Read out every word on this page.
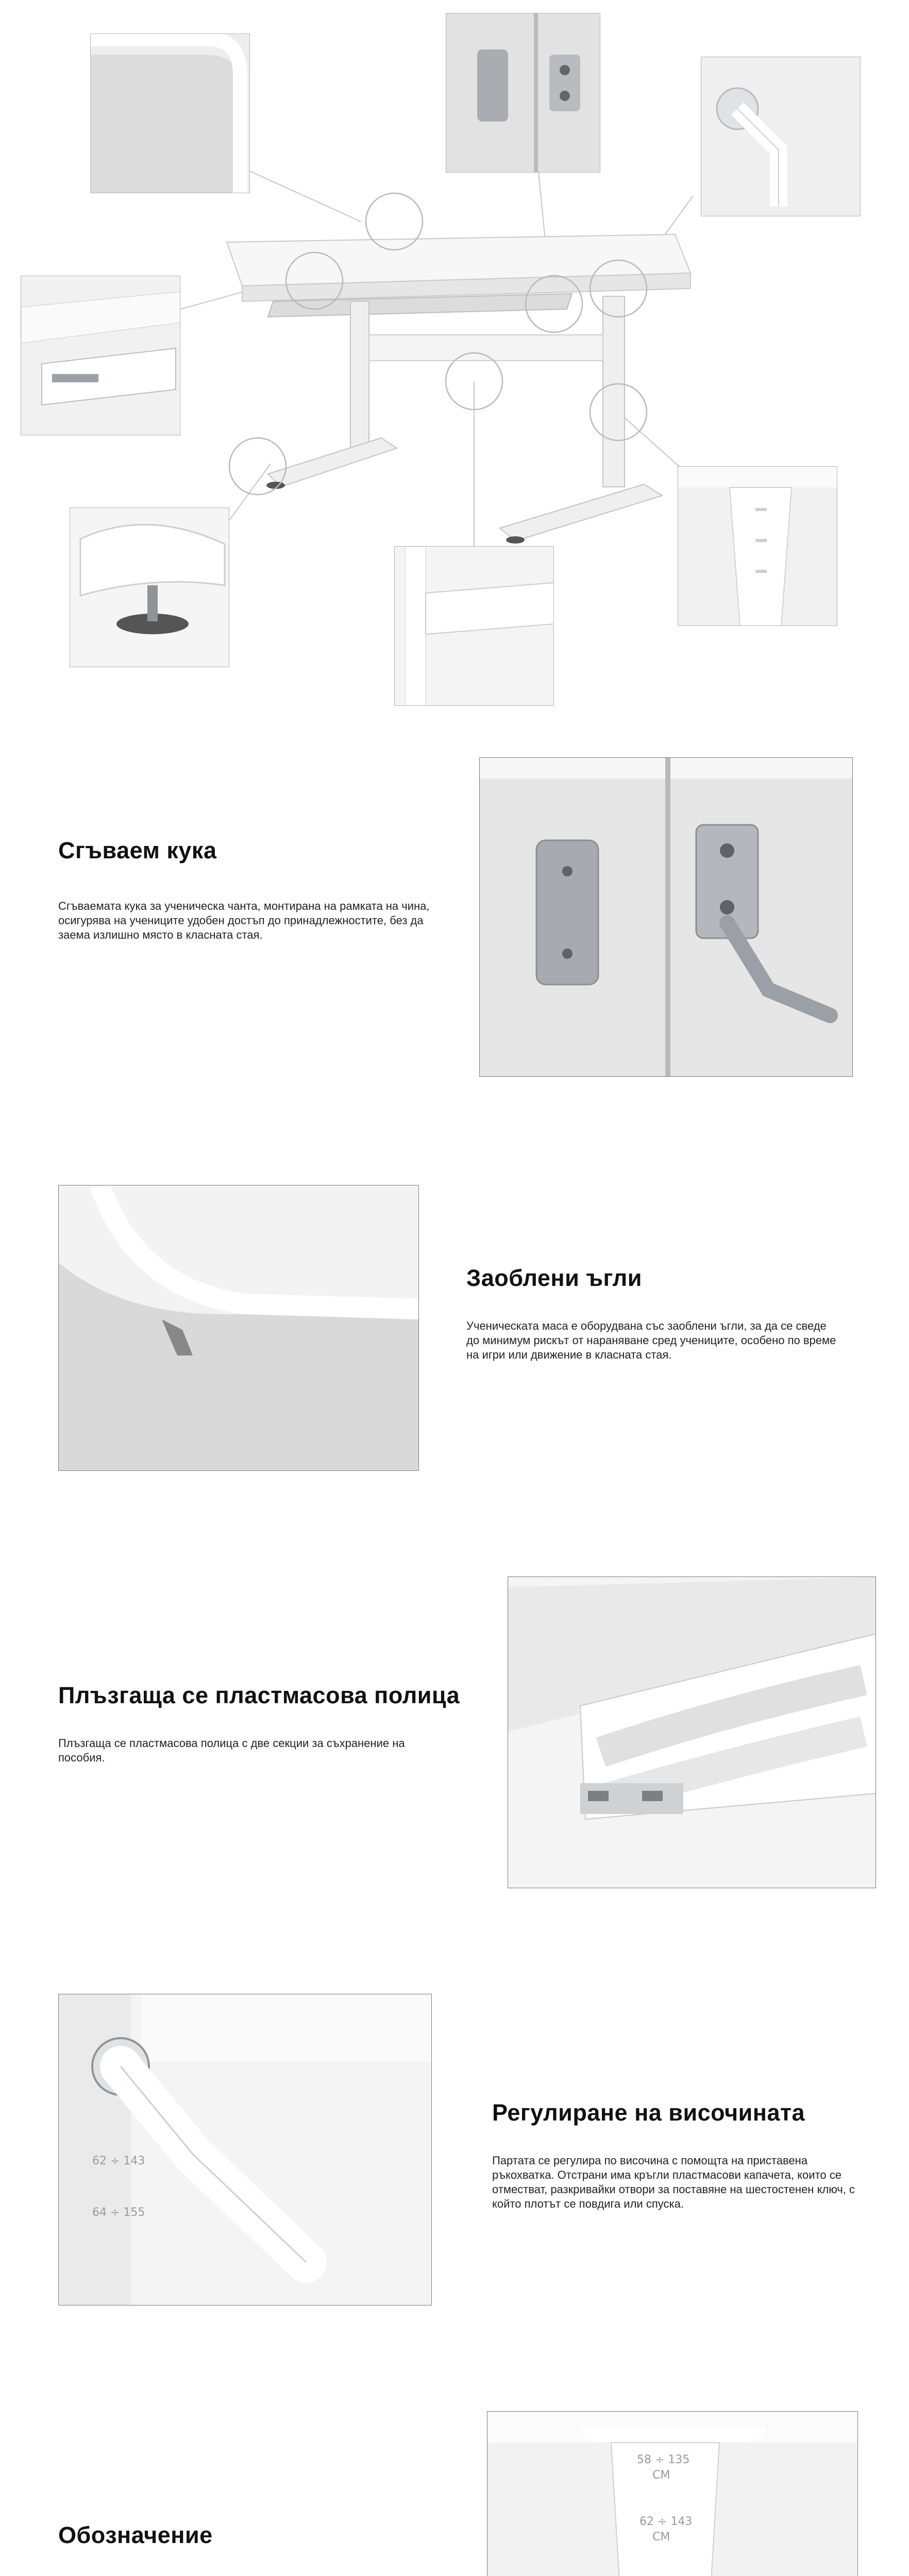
Сгъваем кука

Сгъваемата кука за ученическа чанта, монтирана на рамката на чина, осигурява на учениците удобен достъп до принадлежностите, без да заема излишно място в класната стая.

Заоблени ъгли

Ученическата маса е оборудвана със заоблени ъгли, за да се сведе до минимум рискът от нараняване сред учениците, особено по време на игри или движение в класната стая.

Плъзгаща се пластмасова полица

Плъзгаща се пластмасова полица с две секции за съхранение на пособия.

62 ÷ 143
64 ÷ 155
Регулиране на височината

Партата се регулира по височина с помощта на приставена ръкохватка. Отстрани има кръгли пластмасови капачета, които се отместват, разкривайки отвори за поставяне на шестостенен ключ, с който плотът се повдига или спуска.

Обозначение

58 ÷ 135
СМ
62 ÷ 143
СМ
